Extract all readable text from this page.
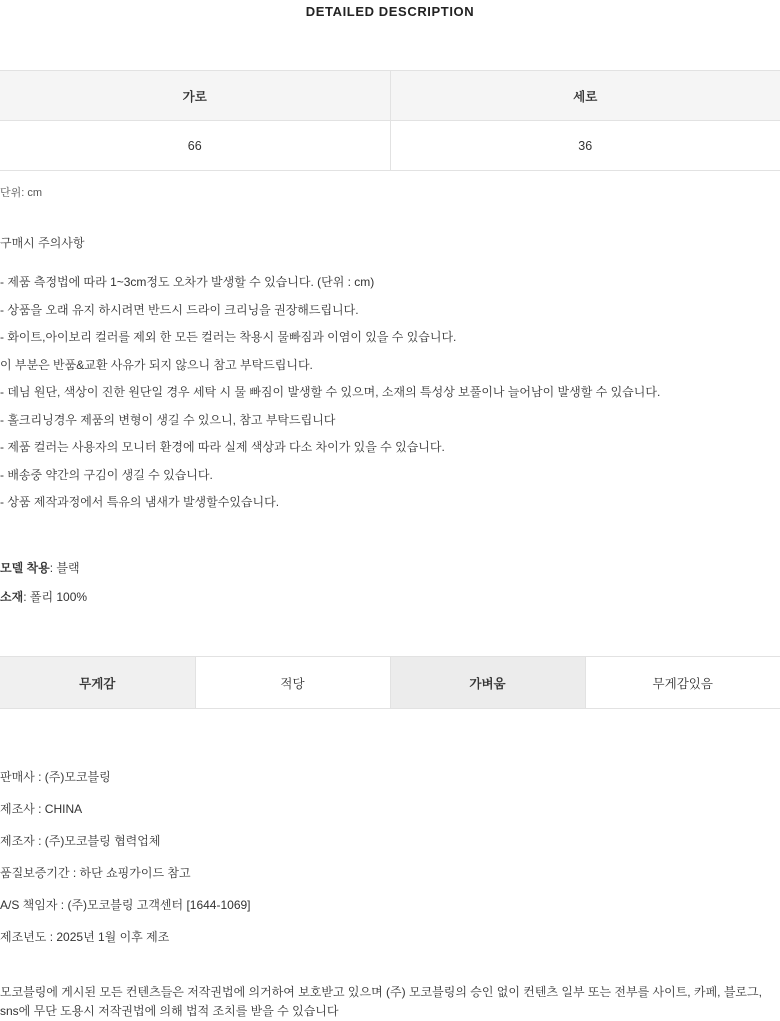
DETAILED DESCRIPTION
가로	세로
66	36
단위: cm
구매시 주의사항

- 제품 측정법에 따라 1~3cm정도 오차가 발생할 수 있습니다. (단위 : cm)

- 상품을 오래 유지 하시려면 반드시 드라이 크리닝을 권장해드립니다.

- 화이트,아이보리 컬러를 제외 한 모든 컬러는 착용시 물빠짐과 이염이 있을 수 있습니다.

이 부분은 반품&교환 사유가 되지 않으니 참고 부탁드립니다.

- 데님 원단, 색상이 진한 원단일 경우 세탁 시 물 빠짐이 발생할 수 있으며, 소재의 특성상 보풀이나 늘어남이 발생할 수 있습니다.

- 홀크리닝경우 제품의 변형이 생길 수 있으니, 참고 부탁드립니다

- 제품 컬러는 사용자의 모니터 환경에 따라 실제 색상과 다소 차이가 있을 수 있습니다.

- 배송중 약간의 구김이 생길 수 있습니다.

- 상품 제작과정에서 특유의 냄새가 발생할수있습니다.

모델 착용: 블랙

소재: 폴리 100%

무게감	적당	가벼움	무게감있음

판매사 : (주)모코블링

제조사 : CHINA

제조자 : (주)모코블링 협력업체

품질보증기간 : 하단 쇼핑가이드 참고

A/S 책임자 : (주)모코블링 고객센터 [1644-1069]

제조년도 : 2025년 1월 이후 제조

모코블링에 게시된 모든 컨텐츠들은 저작권법에 의거하여 보호받고 있으며 (주) 모코블링의 승인 없이 컨텐츠 일부 또는 전부를 사이트, 카페, 블로그, sns에 무단 도용시 저작권법에 의해 법적 조치를 받을 수 있습니다
